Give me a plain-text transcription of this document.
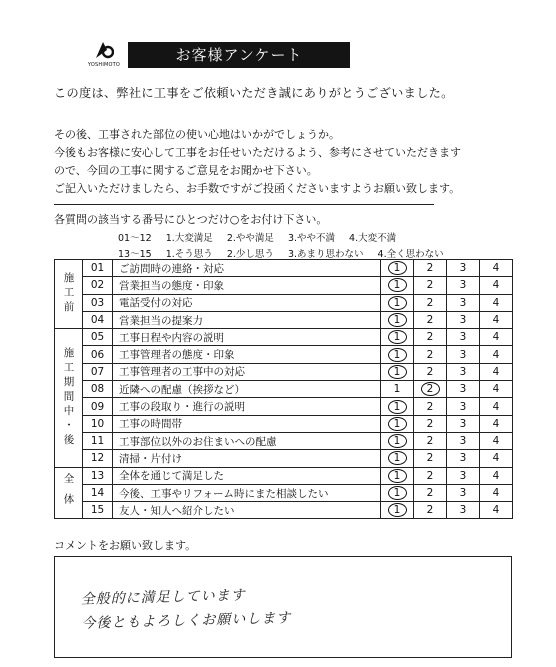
YOSHIMOTO
お客様アンケート
この度は、弊社に工事をご依頼いただき誠にありがとうございました。
その後、工事された部位の使い心地はいかがでしょうか。
今後もお客様に安心して工事をお任せいただけるよう、参考にさせていただきます
ので、今回の工事に関するご意見をお聞かせ下さい。
ご記入いただけましたら、お手数ですがご投函くださいますようお願い致します。
各質問の該当する番号にひとつだけ○をお付け下さい。
01〜12 1.大変満足 2.やや満足 3.やや不満 4.大変不満
13〜15 1.そう思う 2.少し思う 3.あまり思わない 4.全く思わない
施工前	01	ご訪問時の連絡・対応	1	2	3	4
	02	営業担当の態度・印象	1	2	3	4
	03	電話受付の対応	1	2	3	4
	04	営業担当の提案力	1	2	3	4
施工期間中・後	05	工事日程や内容の説明	1	2	3	4
	06	工事管理者の態度・印象	1	2	3	4
	07	工事管理者の工事中の対応	1	2	3	4
	08	近隣への配慮（挨拶など）	1	2	3	4
	09	工事の段取り・進行の説明	1	2	3	4
	10	工事の時間帯	1	2	3	4
	11	工事部位以外のお住まいへの配慮	1	2	3	4
	12	清掃・片付け	1	2	3	4
全体	13	全体を通じて満足した	1	2	3	4
	14	今後、工事やリフォーム時にまた相談したい	1	2	3	4
	15	友人・知人へ紹介したい	1	2	3	4
コメントをお願い致します。
全般的に満足しています
今後ともよろしくお願いします
